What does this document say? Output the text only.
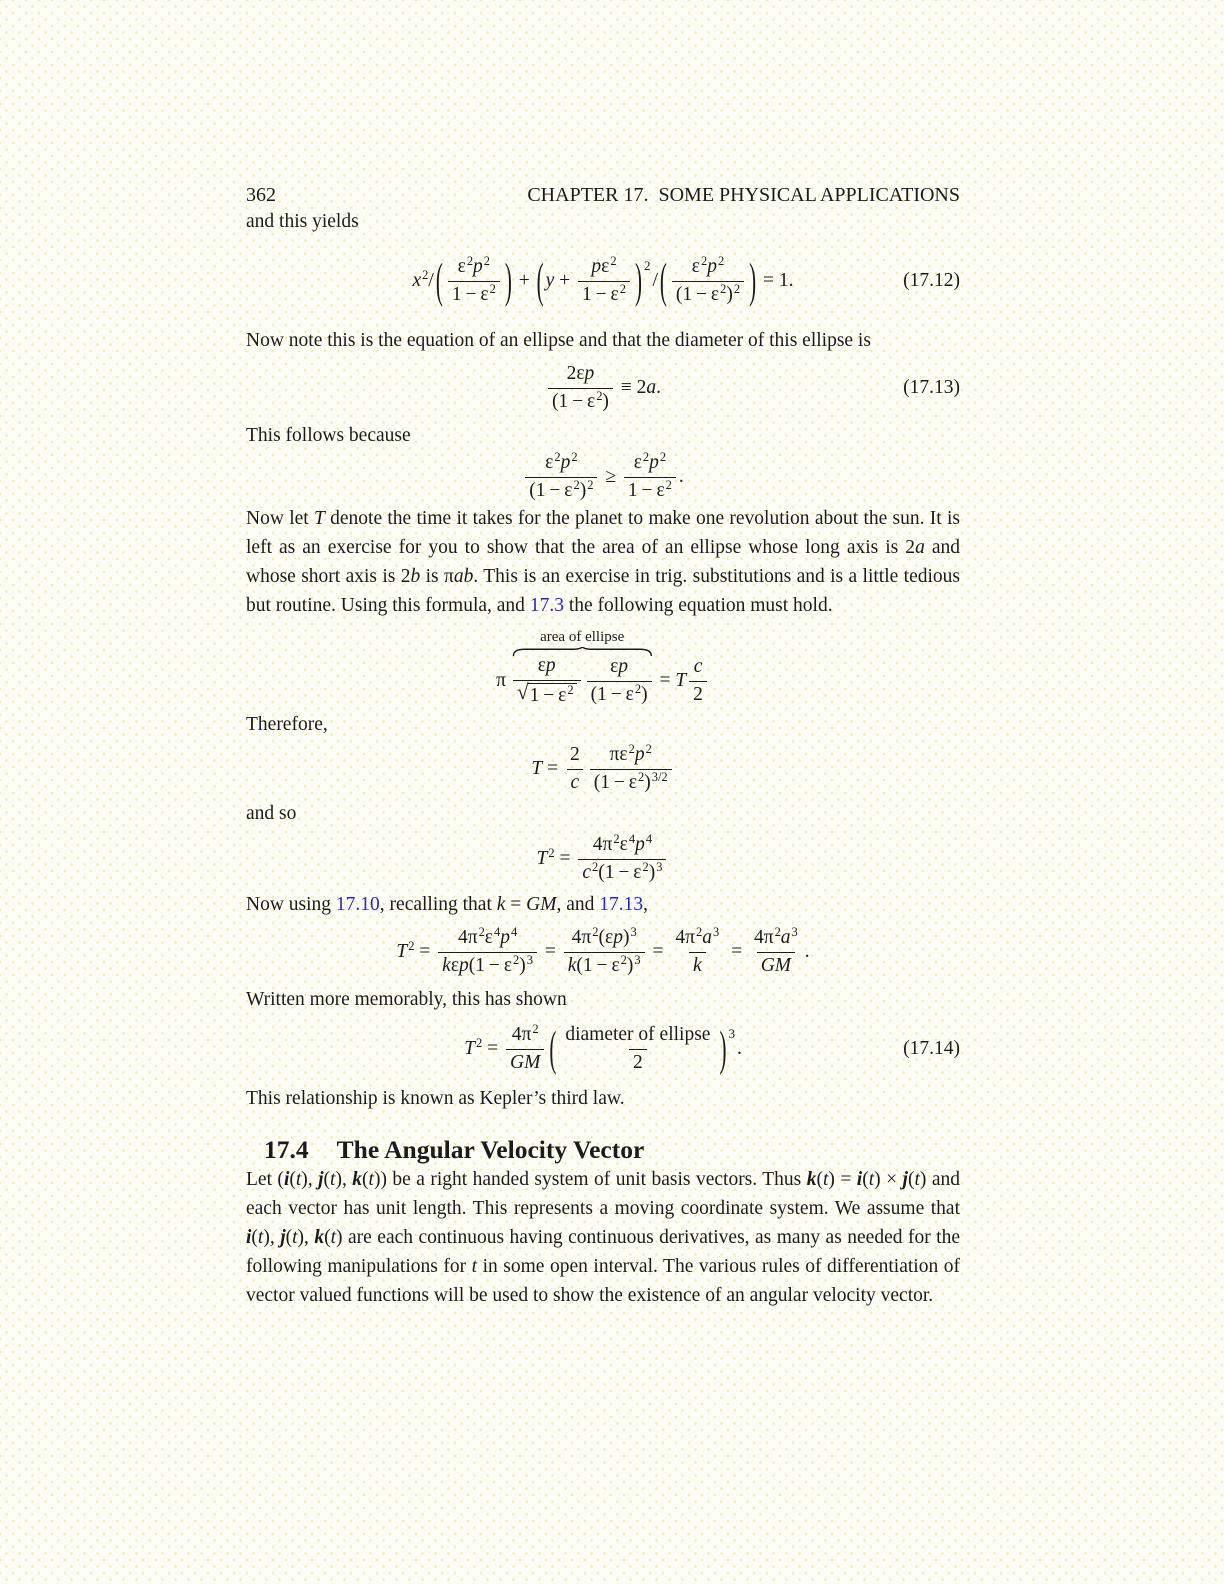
362	CHAPTER 17.  SOME PHYSICAL APPLICATIONS

and this yields

$x^2/$ ( $\frac{\varepsilon^2p^2}{1 - \varepsilon^2}$ ) + ( $y + \frac{p\varepsilon^2}{1 - \varepsilon^2}$ ) 2
/ ( $\frac{\varepsilon^2p^2}{(1 - \varepsilon^2)^2}$ ) = 1.	(17.12)

Now note this is the equation of an ellipse and that the diameter of this ellipse is

$\frac{2\varepsilon p}{(1 - \varepsilon^2)} \equiv 2a$.	(17.13)

This follows because

$\frac{\varepsilon^2p^2}{(1 - \varepsilon^2)^2} \ge \frac{\varepsilon^2p^2}{1 - \varepsilon^2}$ .

Now let T denote the time it takes for the planet to make one revolution about the sun. It is left as an exercise for you to show that the area of an ellipse whose long axis is 2a and whose short axis is 2b is πab. This is an exercise in trig. substitutions and is a little tedious but routine. Using this formula, and 17.3 the following equation must hold.

π 
area of ellipse
$\frac{\varepsilon p}{√ 1 - \varepsilon^2} \frac{\varepsilon p}{(1 - \varepsilon^2)} = T \frac{c}{2}$

Therefore,

$T = \frac{2}{c} \frac{\pi\varepsilon^2p^2}{(1 - \varepsilon^2)^{3/2}}$

and so

$T^2 = \frac{4\pi^2\varepsilon^4p^4}{c^2(1 - \varepsilon^2)^3}$

Now using 17.10, recalling that k = GM, and 17.13,

$T^2 = \frac{4\pi^2\varepsilon^4p^4}{k\varepsilon p(1 - \varepsilon^2)^3} = \frac{4\pi^2(\varepsilon p)^3}{k(1 - \varepsilon^2)^3} = \frac{4\pi^2a^3}{k} = \frac{4\pi^2a^3}{GM}$ .

Written more memorably, this has shown

$T^2 = \frac{4\pi^2}{GM}$ ( $\frac{\text{diameter of ellipse}}{2}$ ) 3
.	(17.14)

This relationship is known as Kepler’s third law.

17.4 The Angular Velocity Vector

Let (i(t), j(t), k(t)) be a right handed system of unit basis vectors. Thus k(t) = i(t) × j(t) and each vector has unit length. This represents a moving coordinate system. We assume that i(t), j(t), k(t) are each continuous having continuous derivatives, as many as needed for the following manipulations for t in some open interval. The various rules of differentiation of vector valued functions will be used to show the existence of an angular velocity vector.
